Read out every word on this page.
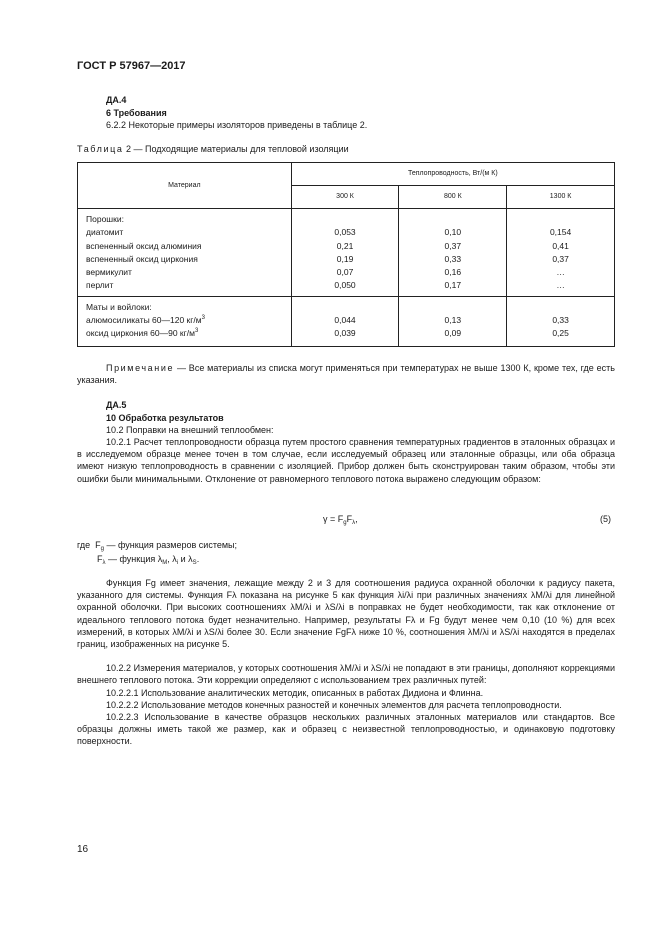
ГОСТ Р 57967—2017
ДА.4
6 Требования
6.2.2 Некоторые примеры изоляторов приведены в таблице 2.
Таблица 2 — Подходящие материалы для тепловой изоляции
Материал	Теплопроводность, Вт/(м К)		
	300 К	800 К	1300 К

Порошки:			
диатомит	0,053	0,10	0,154
вспененный оксид алюминия	0,21	0,37	0,41
вспененный оксид циркония	0,19	0,33	0,37
вермикулит	0,07	0,16	…
перлит	0,050	0,17	…

Маты и войлоки:			
алюмосиликаты 60—120 $кг/м^3$	0,044	0,13	0,33
оксид циркония 60—90 $кг/м^3$	0,039	0,09	0,25

Примечание — Все материалы из списка могут применяться при температурах не выше 1300 К, кроме тех, где есть указания.
ДА.5
10 Обработка результатов
10.2 Поправки на внешний теплообмен:
10.2.1 Расчет теплопроводности образца путем простого сравнения температурных градиентов в эталонных образцах и в исследуемом образце менее точен в том случае, если исследуемый образец или эталонные образцы, или оба образца имеют низкую теплопроводность в сравнении с изоляцией. Прибор должен быть сконструирован таким образом, чтобы эти ошибки были минимальными. Отклонение от равномерного теплового потока выражено следующим образом:
$\gamma = F_gF_\lambda$,	(5)
где $F_g$ — функция размеров системы;
$F_\lambda$ — функция $\lambda_M$, $\lambda_i$ и $\lambda_S$.
Функция Fg имеет значения, лежащие между 2 и 3 для соотношения радиуса охранной оболочки к радиусу пакета, указанного для системы. Функция Fλ показана на рисунке 5 как функция λi/λi при различных значениях λM/λi для линейной охранной оболочки. При высоких соотношениях λM/λi и λS/λi в поправках не будет необходимости, так как отклонение от идеального теплового потока будет незначительно. Например, результаты Fλ и Fg будут менее чем 0,10 (10 %) для всех измерений, в которых λM/λi и λS/λi более 30. Если значение FgFλ ниже 10 %, соотношения λM/λi и λS/λi находятся в пределах границ, изображенных на рисунке 5.
10.2.2 Измерения материалов, у которых соотношения λM/λi и λS/λi не попадают в эти границы, дополняют коррекциями внешнего теплового потока. Эти коррекции определяют с использованием трех различных путей:
10.2.2.1 Использование аналитических методик, описанных в работах Дидиона и Флинна.
10.2.2.2 Использование методов конечных разностей и конечных элементов для расчета теплопроводности.
10.2.2.3 Использование в качестве образцов нескольких различных эталонных материалов или стандартов. Все образцы должны иметь такой же размер, как и образец с неизвестной теплопроводностью, и одинаковую подготовку поверхности.
16
